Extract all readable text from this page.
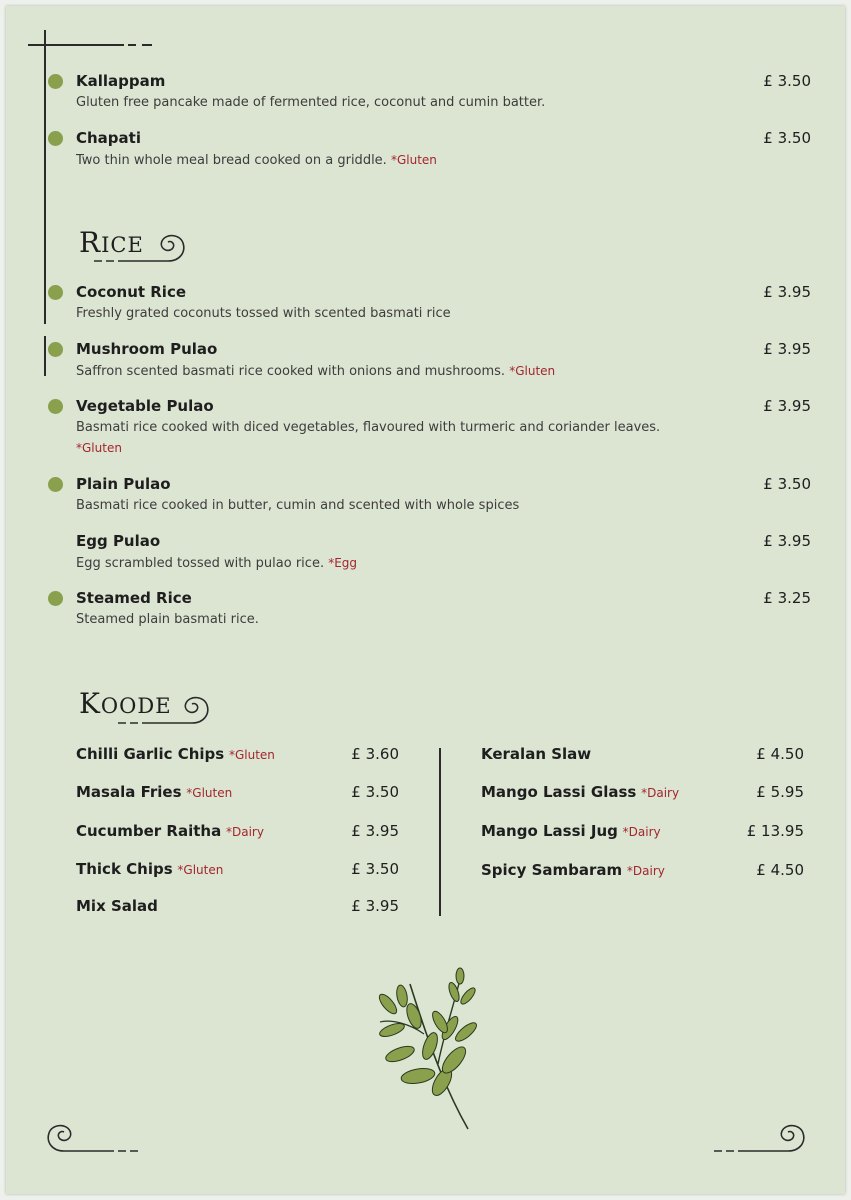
Kallappam
Gluten free pancake made of fermented rice, coconut and cumin batter.
£ 3.50
Chapati
Two thin whole meal bread cooked on a griddle. *Gluten
£ 3.50
RICE
Coconut Rice
Freshly grated coconuts tossed with scented basmati rice
£ 3.95
Mushroom Pulao
Saffron scented basmati rice cooked with onions and mushrooms. *Gluten
£ 3.95
Vegetable Pulao
Basmati rice cooked with diced vegetables, flavoured with turmeric and coriander leaves. *Gluten
£ 3.95
Plain Pulao
Basmati rice cooked in butter, cumin and scented with whole spices
£ 3.50
Egg Pulao
Egg scrambled tossed with pulao rice. *Egg
£ 3.95
Steamed Rice
Steamed plain basmati rice.
£ 3.25
KOODE
Chilli Garlic Chips *Gluten	£ 3.60
Masala Fries *Gluten	£ 3.50
Cucumber Raitha *Dairy	£ 3.95
Thick Chips *Gluten	£ 3.50
Mix Salad	£ 3.95
Keralan Slaw	£ 4.50
Mango Lassi Glass *Dairy	£ 5.95
Mango Lassi Jug *Dairy	£ 13.95
Spicy Sambaram *Dairy	£ 4.50
